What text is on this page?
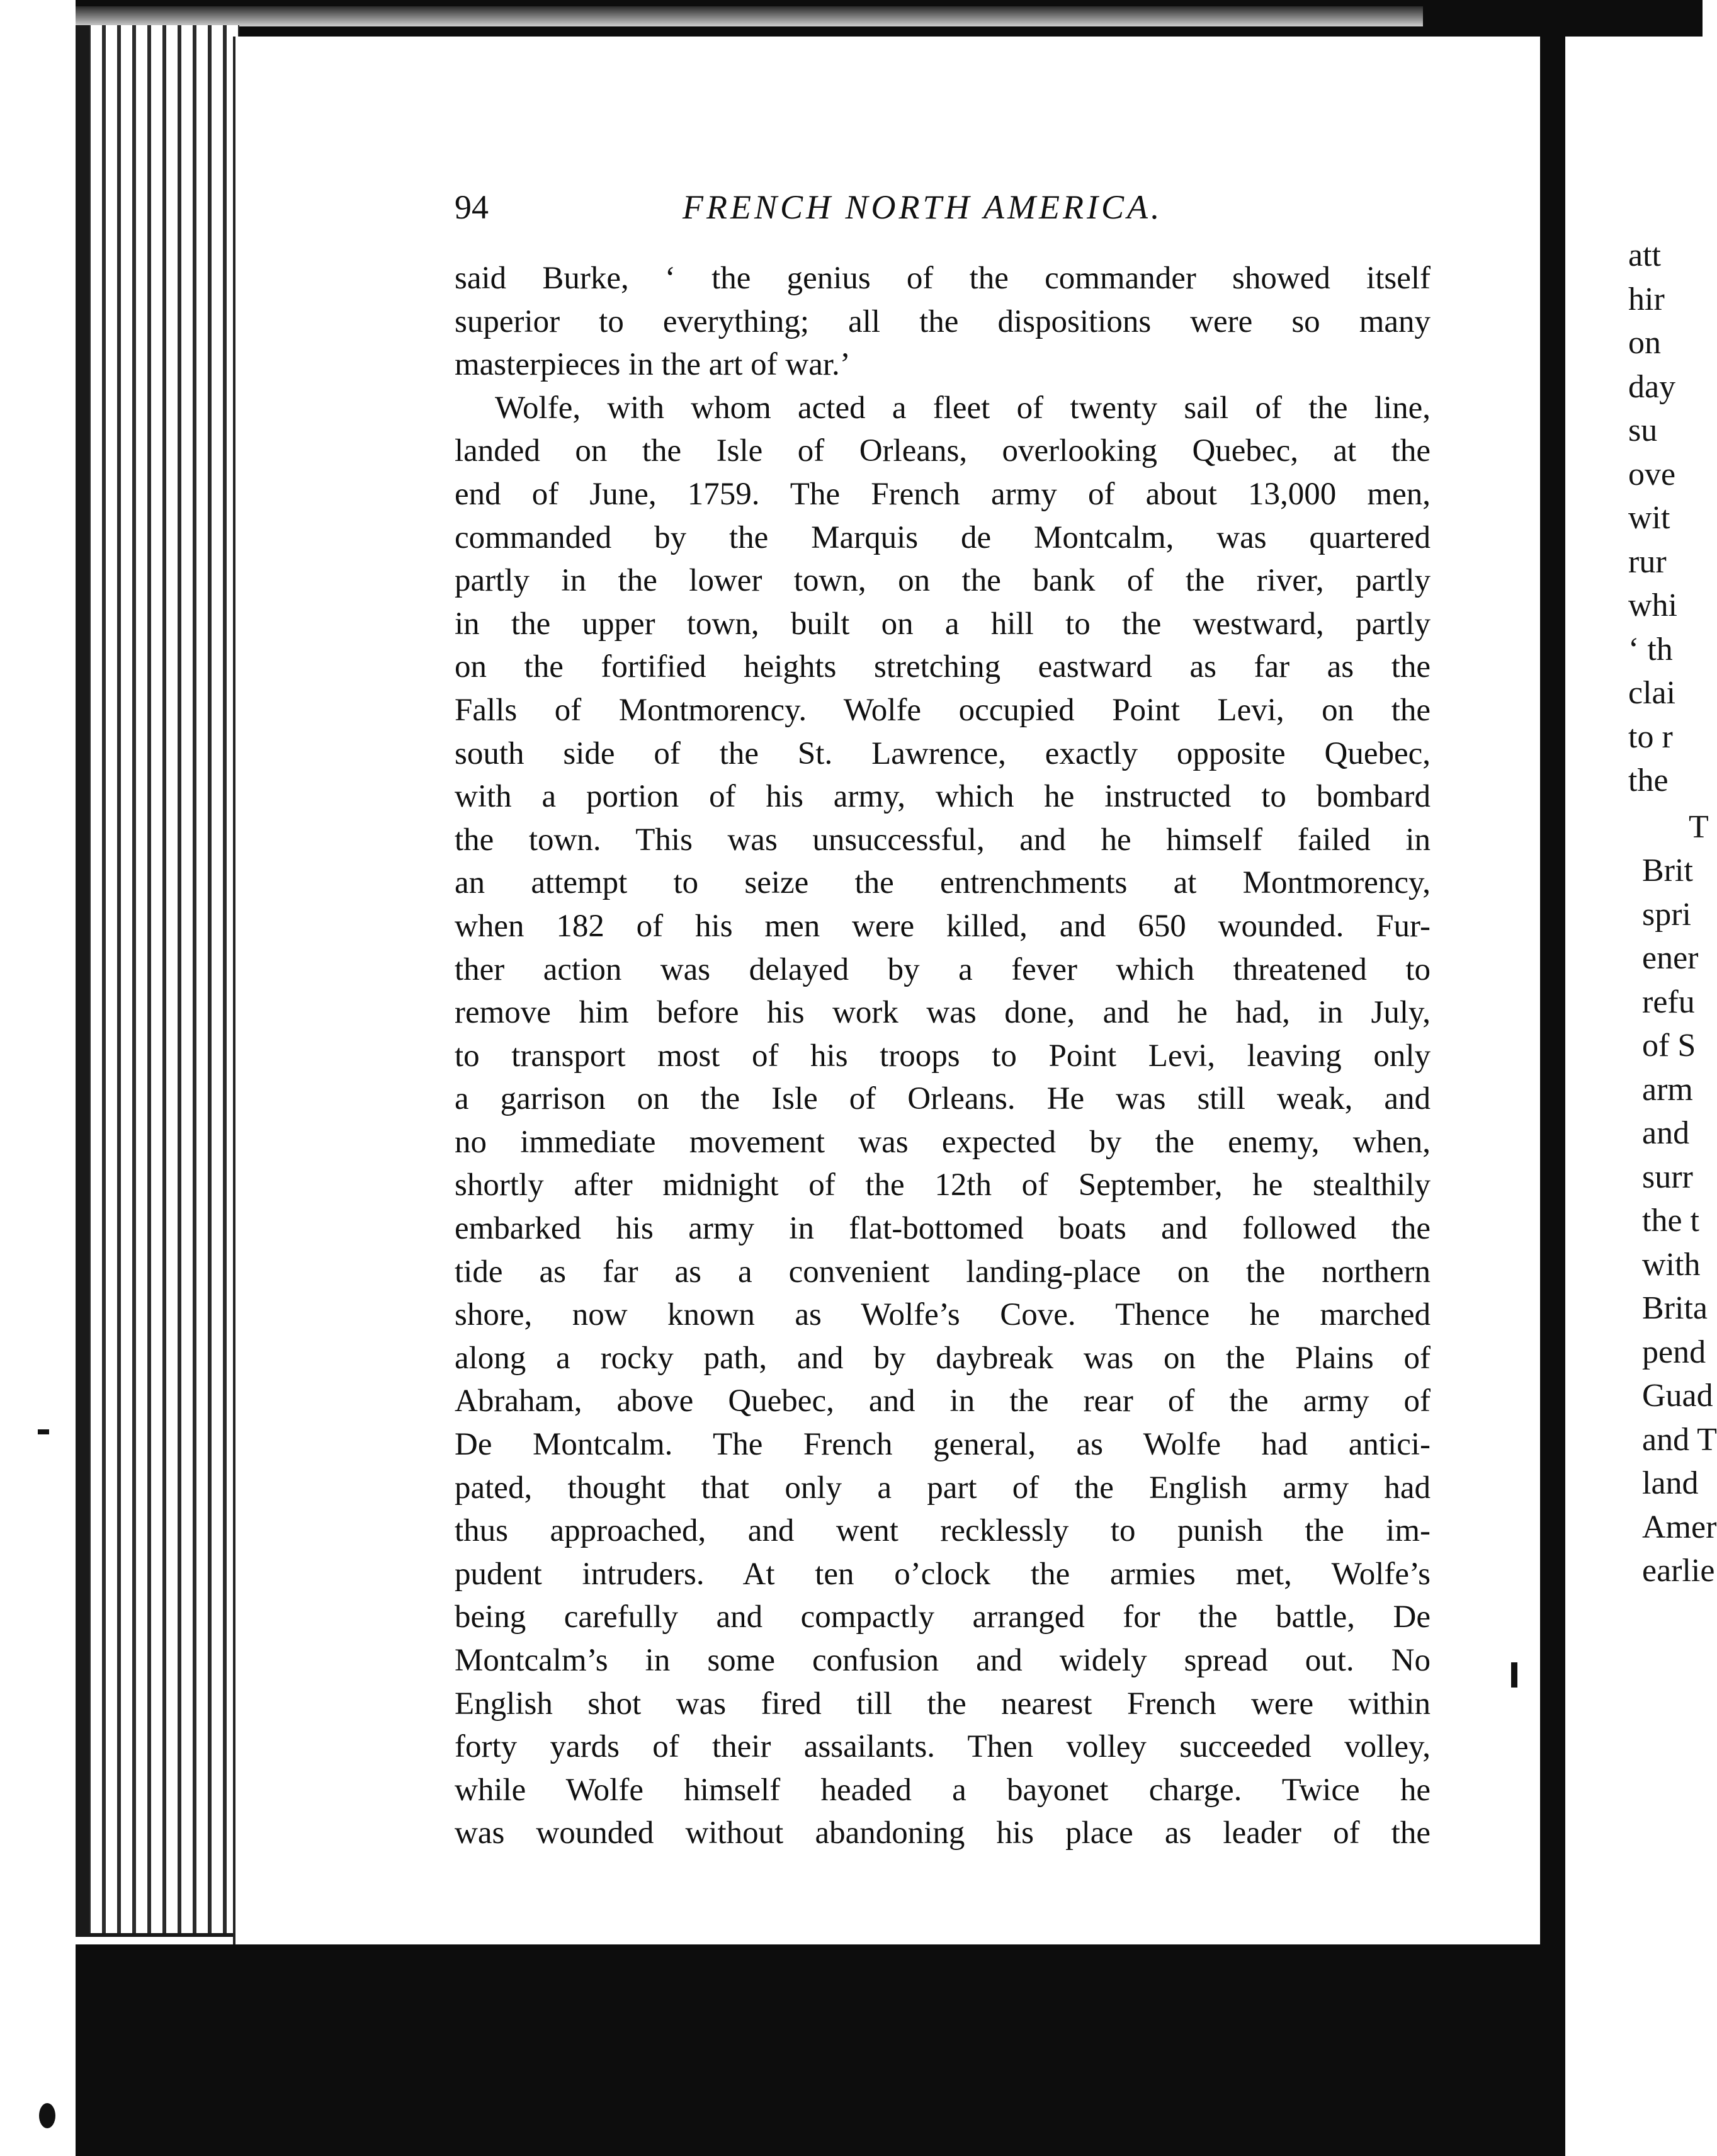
94	FRENCH NORTH AMERICA.

said Burke, ‘ the genius of the commander showed itself
superior to everything; all the dispositions were so many
masterpieces in the art of war.’
Wolfe, with whom acted a fleet of twenty sail of the line,
landed on the Isle of Orleans, overlooking Quebec, at the
end of June, 1759. The French army of about 13,000 men,
commanded by the Marquis de Montcalm, was quartered
partly in the lower town, on the bank of the river, partly
in the upper town, built on a hill to the westward, partly
on the fortified heights stretching eastward as far as the
Falls of Montmorency. Wolfe occupied Point Levi, on the
south side of the St. Lawrence, exactly opposite Quebec,
with a portion of his army, which he instructed to bombard
the town. This was unsuccessful, and he himself failed in
an attempt to seize the entrenchments at Montmorency,
when 182 of his men were killed, and 650 wounded. Fur-
ther action was delayed by a fever which threatened to
remove him before his work was done, and he had, in July,
to transport most of his troops to Point Levi, leaving only
a garrison on the Isle of Orleans. He was still weak, and
no immediate movement was expected by the enemy, when,
shortly after midnight of the 12th of September, he stealthily
embarked his army in flat-bottomed boats and followed the
tide as far as a convenient landing-place on the northern
shore, now known as Wolfe’s Cove. Thence he marched
along a rocky path, and by daybreak was on the Plains of
Abraham, above Quebec, and in the rear of the army of
De Montcalm. The French general, as Wolfe had antici-
pated, thought that only a part of the English army had
thus approached, and went recklessly to punish the im-
pudent intruders. At ten o’clock the armies met, Wolfe’s
being carefully and compactly arranged for the battle, De
Montcalm’s in some confusion and widely spread out. No
English shot was fired till the nearest French were within
forty yards of their assailants. Then volley succeeded volley,
while Wolfe himself headed a bayonet charge. Twice he
was wounded without abandoning his place as leader of the

att
hir
on
day
su
ove
wit
rur
whi
‘ th
clai
to r
the
T
Brit
spri
ener
refu
of S
arm
and
surr
the t
with
Brita
pend
Guad
and T
land
Amer
earlie
